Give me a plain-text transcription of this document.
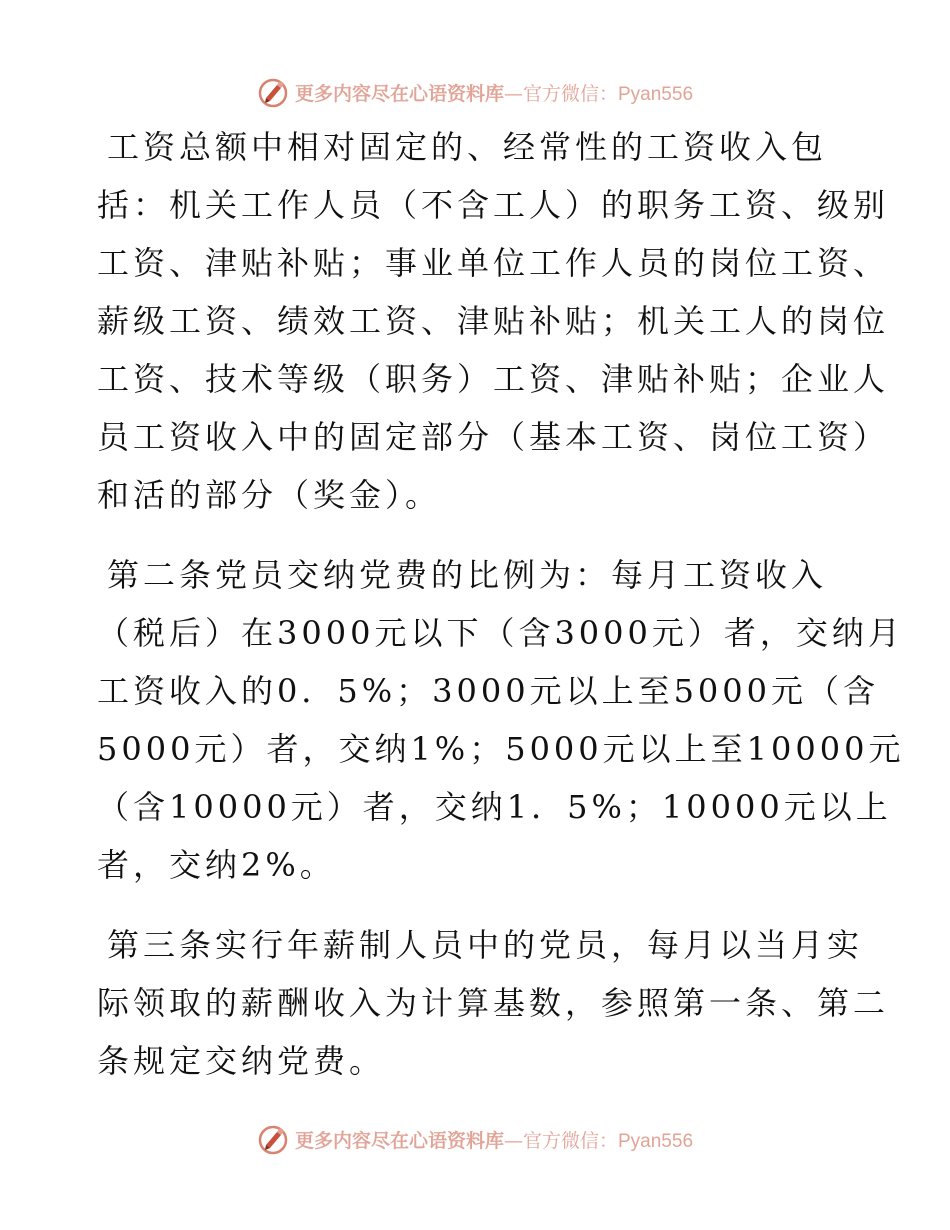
更多内容尽在心语资料库—官方微信：Pyan556
工资总额中相对固定的、经常性的工资收入包
括：机关工作人员（不含工人）的职务工资、级别
工资、津贴补贴；事业单位工作人员的岗位工资、
薪级工资、绩效工资、津贴补贴；机关工人的岗位
工资、技术等级（职务）工资、津贴补贴；企业人
员工资收入中的固定部分（基本工资、岗位工资）
和活的部分（奖金）。
第二条党员交纳党费的比例为：每月工资收入
（税后）在3000元以下（含3000元）者，交纳月
工资收入的0．5%；3000元以上至5000元（含
5000元）者，交纳1%；5000元以上至10000元
（含10000元）者，交纳1．5%；10000元以上
者，交纳2%。
第三条实行年薪制人员中的党员，每月以当月实
际领取的薪酬收入为计算基数，参照第一条、第二
条规定交纳党费。
更多内容尽在心语资料库—官方微信：Pyan556
